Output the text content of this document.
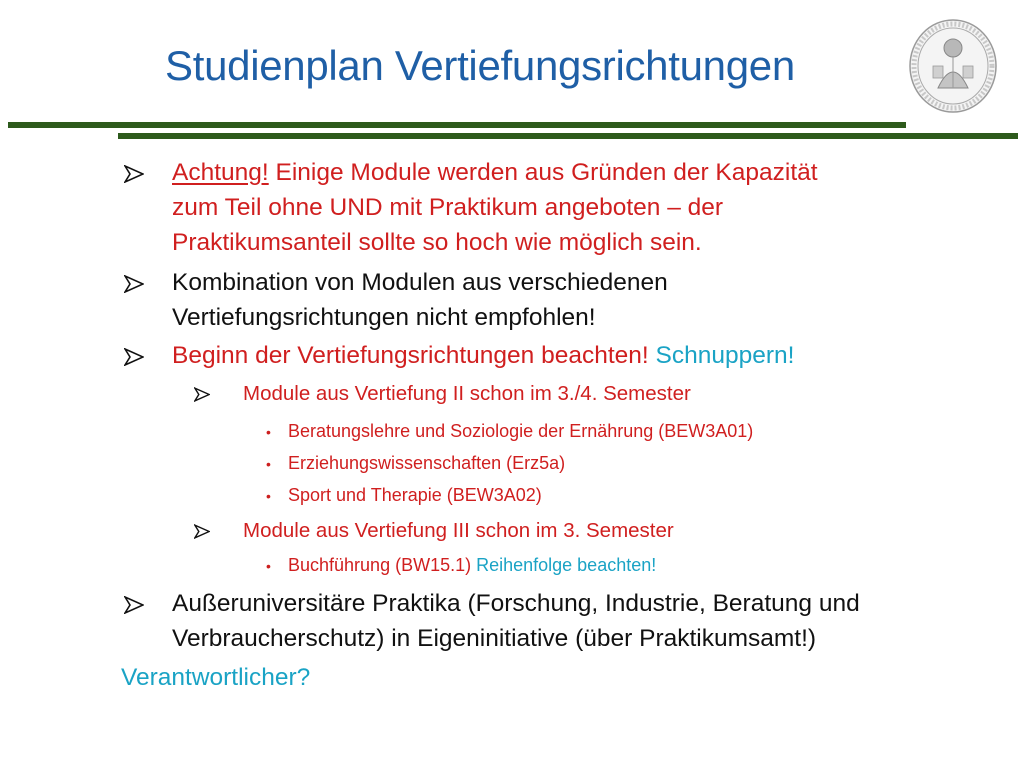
Studienplan Vertiefungsrichtungen
Achtung! Einige Module werden aus Gründen der Kapazität
zum Teil ohne UND mit Praktikum angeboten – der
Praktikumsanteil sollte so hoch wie möglich sein.
Kombination von Modulen aus verschiedenen
Vertiefungsrichtungen nicht empfohlen!
Beginn der Vertiefungsrichtungen beachten! Schnuppern!
Module aus Vertiefung II schon im 3./4. Semester
• Beratungslehre und Soziologie der Ernährung (BEW3A01)
• Erziehungswissenschaften (Erz5a)
• Sport und Therapie (BEW3A02)
Module aus Vertiefung III schon im 3. Semester
• Buchführung (BW15.1) Reihenfolge beachten!
Außeruniversitäre Praktika (Forschung, Industrie, Beratung und
Verbraucherschutz) in Eigeninitiative (über Praktikumsamt!)
Verantwortlicher?
